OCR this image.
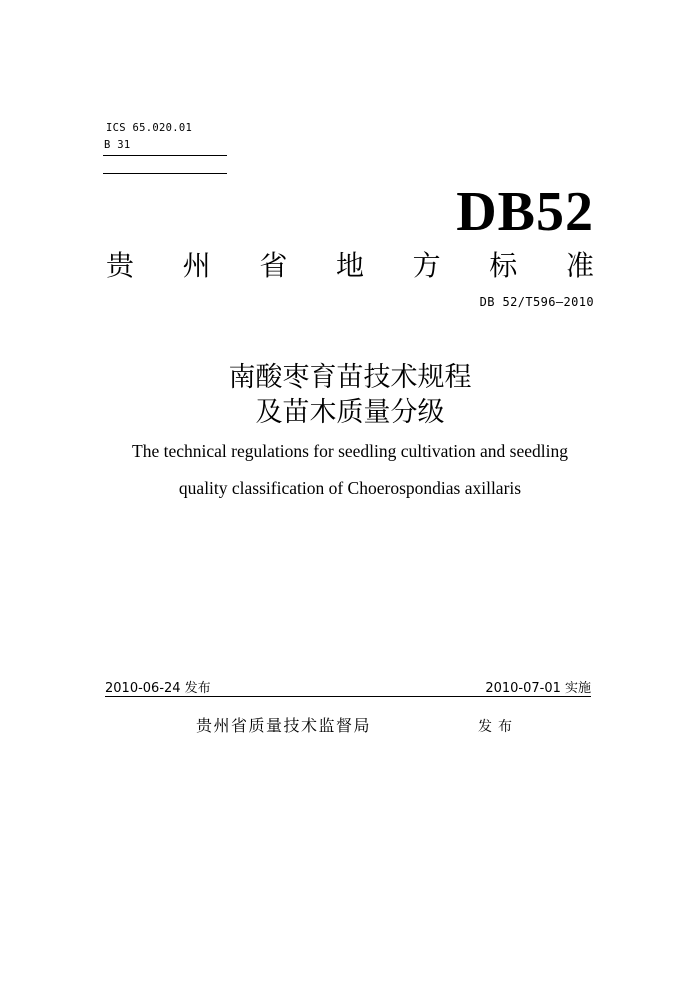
ICS 65.020.01
B 31
DB52
贵 州 省 地 方 标 准
DB 52/T596—2010
南酸枣育苗技术规程
及苗木质量分级
The technical regulations for seedling cultivation and seedling
quality classification of Choerospondias axillaris
2010-06-24 发布	2010-07-01 实施
贵州省质量技术监督局	发布
